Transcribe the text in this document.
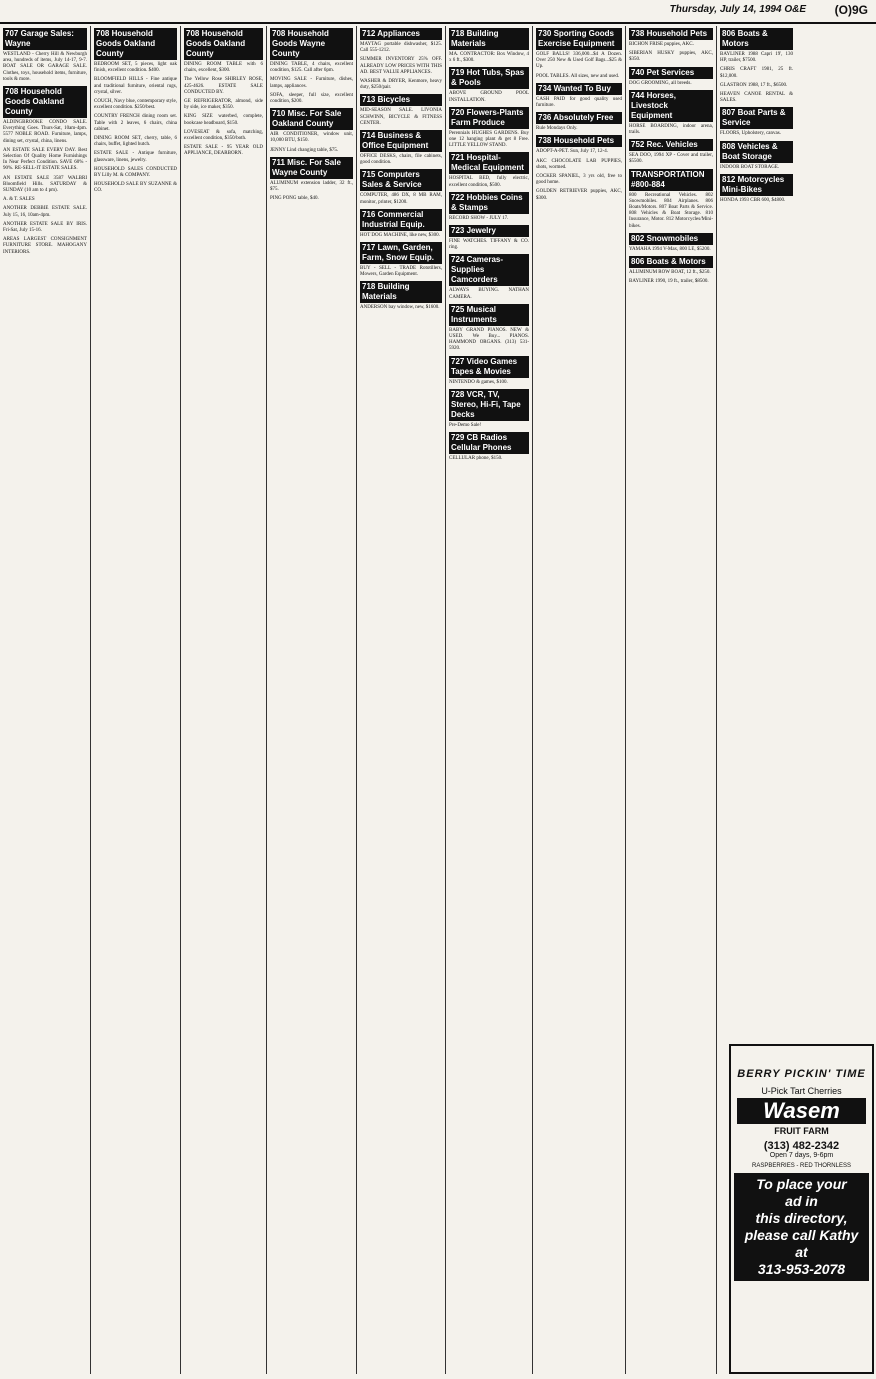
Thursday, July 14, 1994 O&E (O)9G
707 Garage Sales: Wayne
WESTLAND - Cherry Hill & Newburgh area, hundreds of items, July 14-17, 9-7. BOAT SALE OR GARAGE SALE. Clothes, toys, household items, furniture, tools & more.
708 Household Goods Oakland County
ALDINGBROOKE CONDO SALE. Everything Goes. Thurs-Sat, 10am-4pm. 5577 NOBLE ROAD. Furniture, lamps, dining set, crystal, china, linens.
AN ESTATE SALE EVERY DAY. Best Selection Of Quality Home Furnishings In Near Perfect Condition. SAVE 60% - 90%. RE-SELL-IT ESTATE SALES.
AN ESTATE SALE 3587 WALBRI Bloomfield Hills. SATURDAY & SUNDAY (10 am to 4 pm).
A. & T. SALES
ANOTHER DEBBIE ESTATE SALE. July 15, 16, 10am-4pm.
ANOTHER ESTATE SALE BY IRIS. Fri-Sat, July 15-16.
AREAS LARGEST CONSIGNMENT FURNITURE STORE. MAHOGANY INTERIORS.
708 Household Goods Oakland County
BEDROOM SET, 5 pieces, light oak finish, excellent condition. $400.
BLOOMFIELD HILLS - Fine antique and traditional furniture, oriental rugs, crystal, silver.
COUCH, Navy blue, contemporary style, excellent condition. $250/best.
COUNTRY FRENCH dining room set. Table with 2 leaves, 6 chairs, china cabinet.
DINING ROOM SET, cherry, table, 6 chairs, buffet, lighted hutch.
ESTATE SALE - Antique furniture, glassware, linens, jewelry.
HOUSEHOLD SALES CONDUCTED BY Lilly M. & COMPANY.
HOUSEHOLD SALE BY SUZANNE & CO.
708 Household Goods Oakland County
DINING ROOM TABLE with 6 chairs, excellent, $300.
The Yellow Rose SHIRLEY ROSE, 425-4626. ESTATE SALE CONDUCTED BY.
GE REFRIGERATOR, almond, side by side, ice maker, $350.
KING SIZE waterbed, complete, bookcase headboard, $150.
LOVESEAT & sofa, matching, excellent condition, $350/both.
ESTATE SALE - 95 YEAR OLD APPLIANCE, DEARBORN.
708 Household Goods Wayne County
DINING TABLE, 4 chairs, excellent condition, $125. Call after 6pm.
MOVING SALE - Furniture, dishes, lamps, appliances.
SOFA, sleeper, full size, excellent condition, $200.
710 Misc. For Sale Oakland County
AIR CONDITIONER, window unit, 10,000 BTU, $150.
JENNY Lind changing table, $75.
711 Misc. For Sale Wayne County
ALUMINUM extension ladder, 32 ft., $75.
PING PONG table, $40.
712 Appliances
MAYTAG portable dishwasher, $125. Call 555-1212.
SUMMER INVENTORY 25% OFF. ALREADY LOW PRICES WITH THIS AD. BEST VALUE APPLIANCES.
WASHER & DRYER, Kenmore, heavy duty, $250/pair.
713 Bicycles
MID-SEASON SALE. LIVONIA SCHWINN, BICYCLE & FITNESS CENTER.
714 Business & Office Equipment
OFFICE DESKS, chairs, file cabinets, good condition.
715 Computers Sales & Service
COMPUTER, 486 DX, 8 MB RAM, monitor, printer, $1200.
716 Commercial Industrial Equip.
HOT DOG MACHINE, like new, $300.
717 Lawn, Garden, Farm, Snow Equip.
BUY - SELL - TRADE Rototillers, Mowers, Garden Equipment.
718 Building Materials
ANDERSON bay window, new, $1600.
718 Building Materials
MA. CONTRACTOR: Box Window, 4 x 6 ft., $300.
719 Hot Tubs, Spas & Pools
ABOVE GROUND POOL INSTALLATION.
720 Flowers-Plants Farm Produce
Perennials HUGHES GARDENS. Buy one 12 hanging plant & get 8 Free. LITTLE YELLOW STAND.
721 Hospital-Medical Equipment
HOSPITAL BED, fully electric, excellent condition, $500.
722 Hobbies Coins & Stamps
RECORD SHOW - JULY 17.
723 Jewelry
FINE WATCHES. TIFFANY & CO. ring.
724 Cameras-Supplies Camcorders
ALWAYS BUYING. NATHAN CAMERA.
725 Musical Instruments
BABY GRAND PIANOS. NEW & USED. We Buy... PIANOS. HAMMOND ORGANS. (313) 531-5920.
727 Video Games Tapes & Movies
NINTENDO & games, $100.
728 VCR, TV, Stereo, Hi-Fi, Tape Decks
Pre-Demo Sale!
729 CB Radios Cellular Phones
CELLULAR phone, $150.
730 Sporting Goods Exercise Equipment
GOLF BALLS! 336,000...$4 A Dozen. Over 250 New & Used Golf Bags...$25 & Up.
POOL TABLES. All sizes, new and used.
734 Wanted To Buy
CASH PAID for good quality used furniture.
736 Absolutely Free
Rule Mondays Only.
738 Household Pets
ADOPT-A-PET. Sun, July 17, 12-4.
AKC CHOCOLATE LAB PUPPIES, shots, wormed.
COCKER SPANIEL, 3 yrs old, free to good home.
GOLDEN RETRIEVER puppies, AKC, $300.
738 Household Pets
BICHON FRISE puppies, AKC.
SIBERIAN HUSKY puppies, AKC, $350.
740 Pet Services
DOG GROOMING, all breeds.
744 Horses, Livestock Equipment
HORSE BOARDING, indoor arena, trails.
752 Rec. Vehicles
SEA DOO, 1994 XP - Cover and trailer, $5500.
TRANSPORTATION #800-884
800 Recreational Vehicles. 802 Snowmobiles. 804 Airplanes. 806 Boats/Motors. 807 Boat Parts & Service. 808 Vehicles & Boat Storage. 810 Insurance, Motor. 812 Motorcycles/Mini-bikes.
802 Snowmobiles
YAMAHA 1994 V-Max, 800 LE, $5200.
806 Boats & Motors
ALUMINUM ROW BOAT, 12 ft., $250.
BAYLINER 1990, 19 ft., trailer, $8500.
806 Boats & Motors
BAYLINER 1988 Capri 19', 130 HP, trailer, $7500.
CHRIS CRAFT 1981, 25 ft. $12,000.
GLASTRON 1988, 17 ft., $6500.
HEAVEN CANOE RENTAL & SALES.
807 Boat Parts & Service
FLOORS, Upholstery, canvas.
808 Vehicles & Boat Storage
INDOOR BOAT STORAGE.
812 Motorcycles Mini-Bikes
HONDA 1993 CBR 600, $4800.
BERRY PICKIN' TIME
U-Pick Tart Cherries
Wasem
FRUIT FARM
(313) 482-2342
Open 7 days, 9-6pm
RASPBERRIES - RED THORNLESS
To place your
ad in
this directory,
please call Kathy
at
313-953-2078
